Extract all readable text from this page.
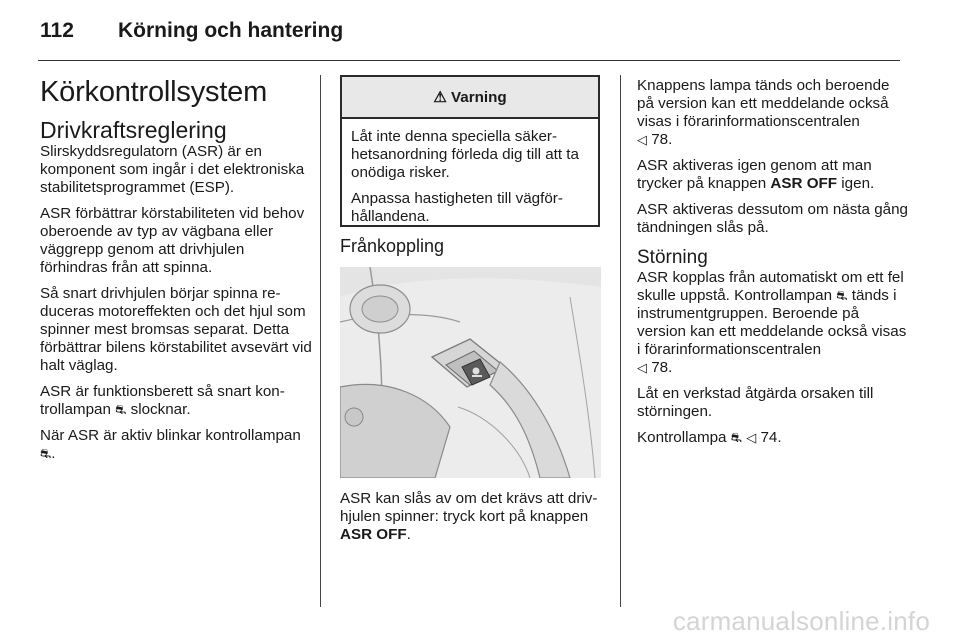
112 Körning och hantering
Körkontrollsystem
Drivkraftsreglering

Slirskyddsregulatorn (ASR) är en komponent som ingår i det elektroniska stabilitetsprogrammet (ESP).

ASR förbättrar körstabiliteten vid behov oberoende av typ av vägbana eller väggrepp genom att drivhjulen förhindras från att spinna.

Så snart drivhjulen börjar spinna reduceras motoreffekten och det hjul som spinner mest bromsas separat. Detta förbättrar bilens körstabilitet avsevärt vid halt väglag.

ASR är funktionsberett så snart kontrollampan ⛐ slocknar.

När ASR är aktiv blinkar kontrollampan ⛐.

⚠ Varning

Låt inte denna speciella säkerhetsanordning förleda dig till att ta onödiga risker.

Anpassa hastigheten till vägförhållandena.

Frånkoppling

ASR kan slås av om det krävs att drivhjulen spinner: tryck kort på knappen ASR OFF.

Knappens lampa tänds och beroende på version kan ett meddelande också visas i förarinformationscentralen
◁ 78.

ASR aktiveras igen genom att man trycker på knappen ASR OFF igen.

ASR aktiveras dessutom om nästa gång tändningen slås på.

Störning

ASR kopplas från automatiskt om ett fel skulle uppstå. Kontrollampan ⛐ tänds i instrumentgruppen. Beroende på version kan ett meddelande också visas i förarinformationscentralen
◁ 78.

Låt en verkstad åtgärda orsaken till störningen.

Kontrollampa ⛐ ◁ 74.

carmanualsonline.info
